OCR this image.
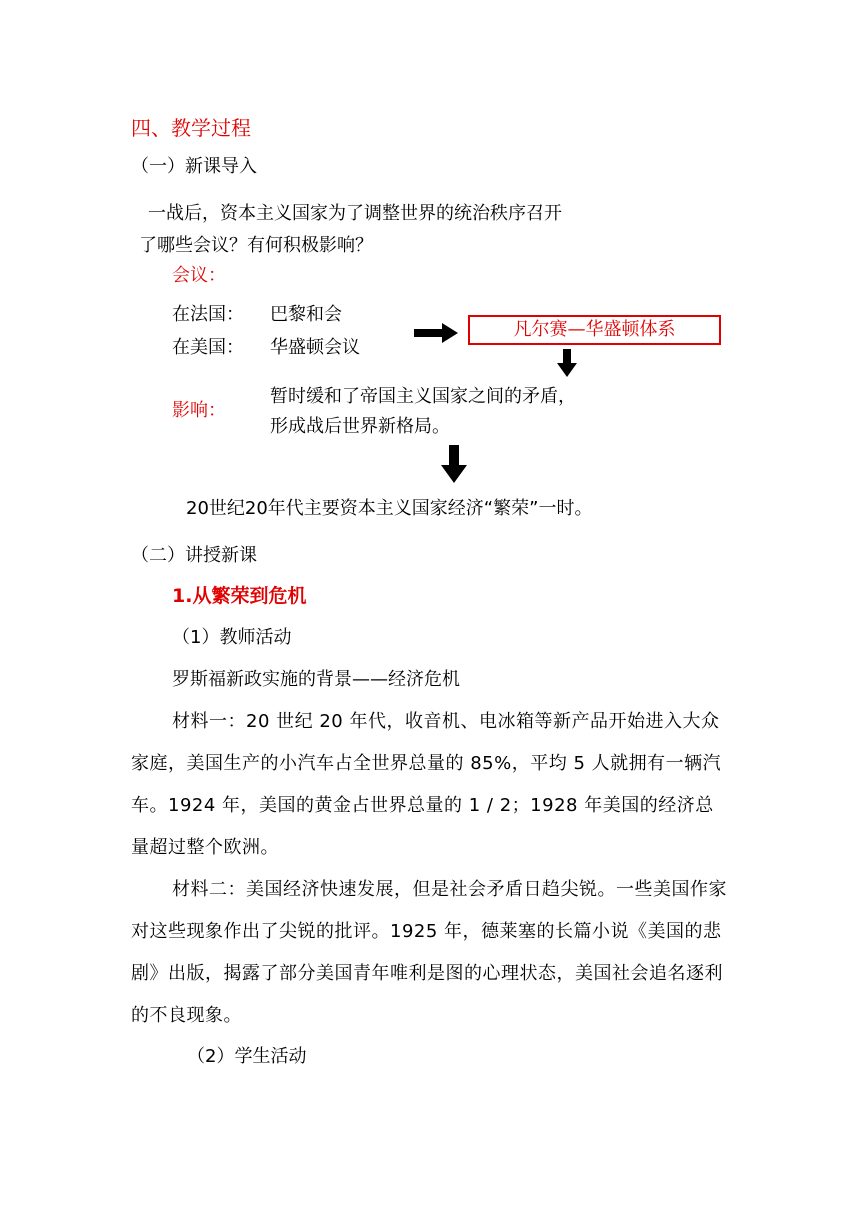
四、教学过程
（一）新课导入
一战后，资本主义国家为了调整世界的统治秩序召开
了哪些会议？有何积极影响？
会议：
在法国： 巴黎和会
在美国： 华盛顿会议
凡尔赛—华盛顿体系
影响：
暂时缓和了帝国主义国家之间的矛盾，
形成战后世界新格局。
20世纪20年代主要资本主义国家经济“繁荣”一时。
（二）讲授新课
1.从繁荣到危机
（1）教师活动
罗斯福新政实施的背景——经济危机
材料一：20 世纪 20 年代，收音机、电冰箱等新产品开始进入大众家庭，美国生产的小汽车占全世界总量的 85%，平均 5 人就拥有一辆汽车。1924 年，美国的黄金占世界总量的 1 / 2；1928 年美国的经济总量超过整个欧洲。
材料二：美国经济快速发展，但是社会矛盾日趋尖锐。一些美国作家对这些现象作出了尖锐的批评。1925 年，德莱塞的长篇小说《美国的悲剧》出版，揭露了部分美国青年唯利是图的心理状态，美国社会追名逐利的不良现象。
（2）学生活动
